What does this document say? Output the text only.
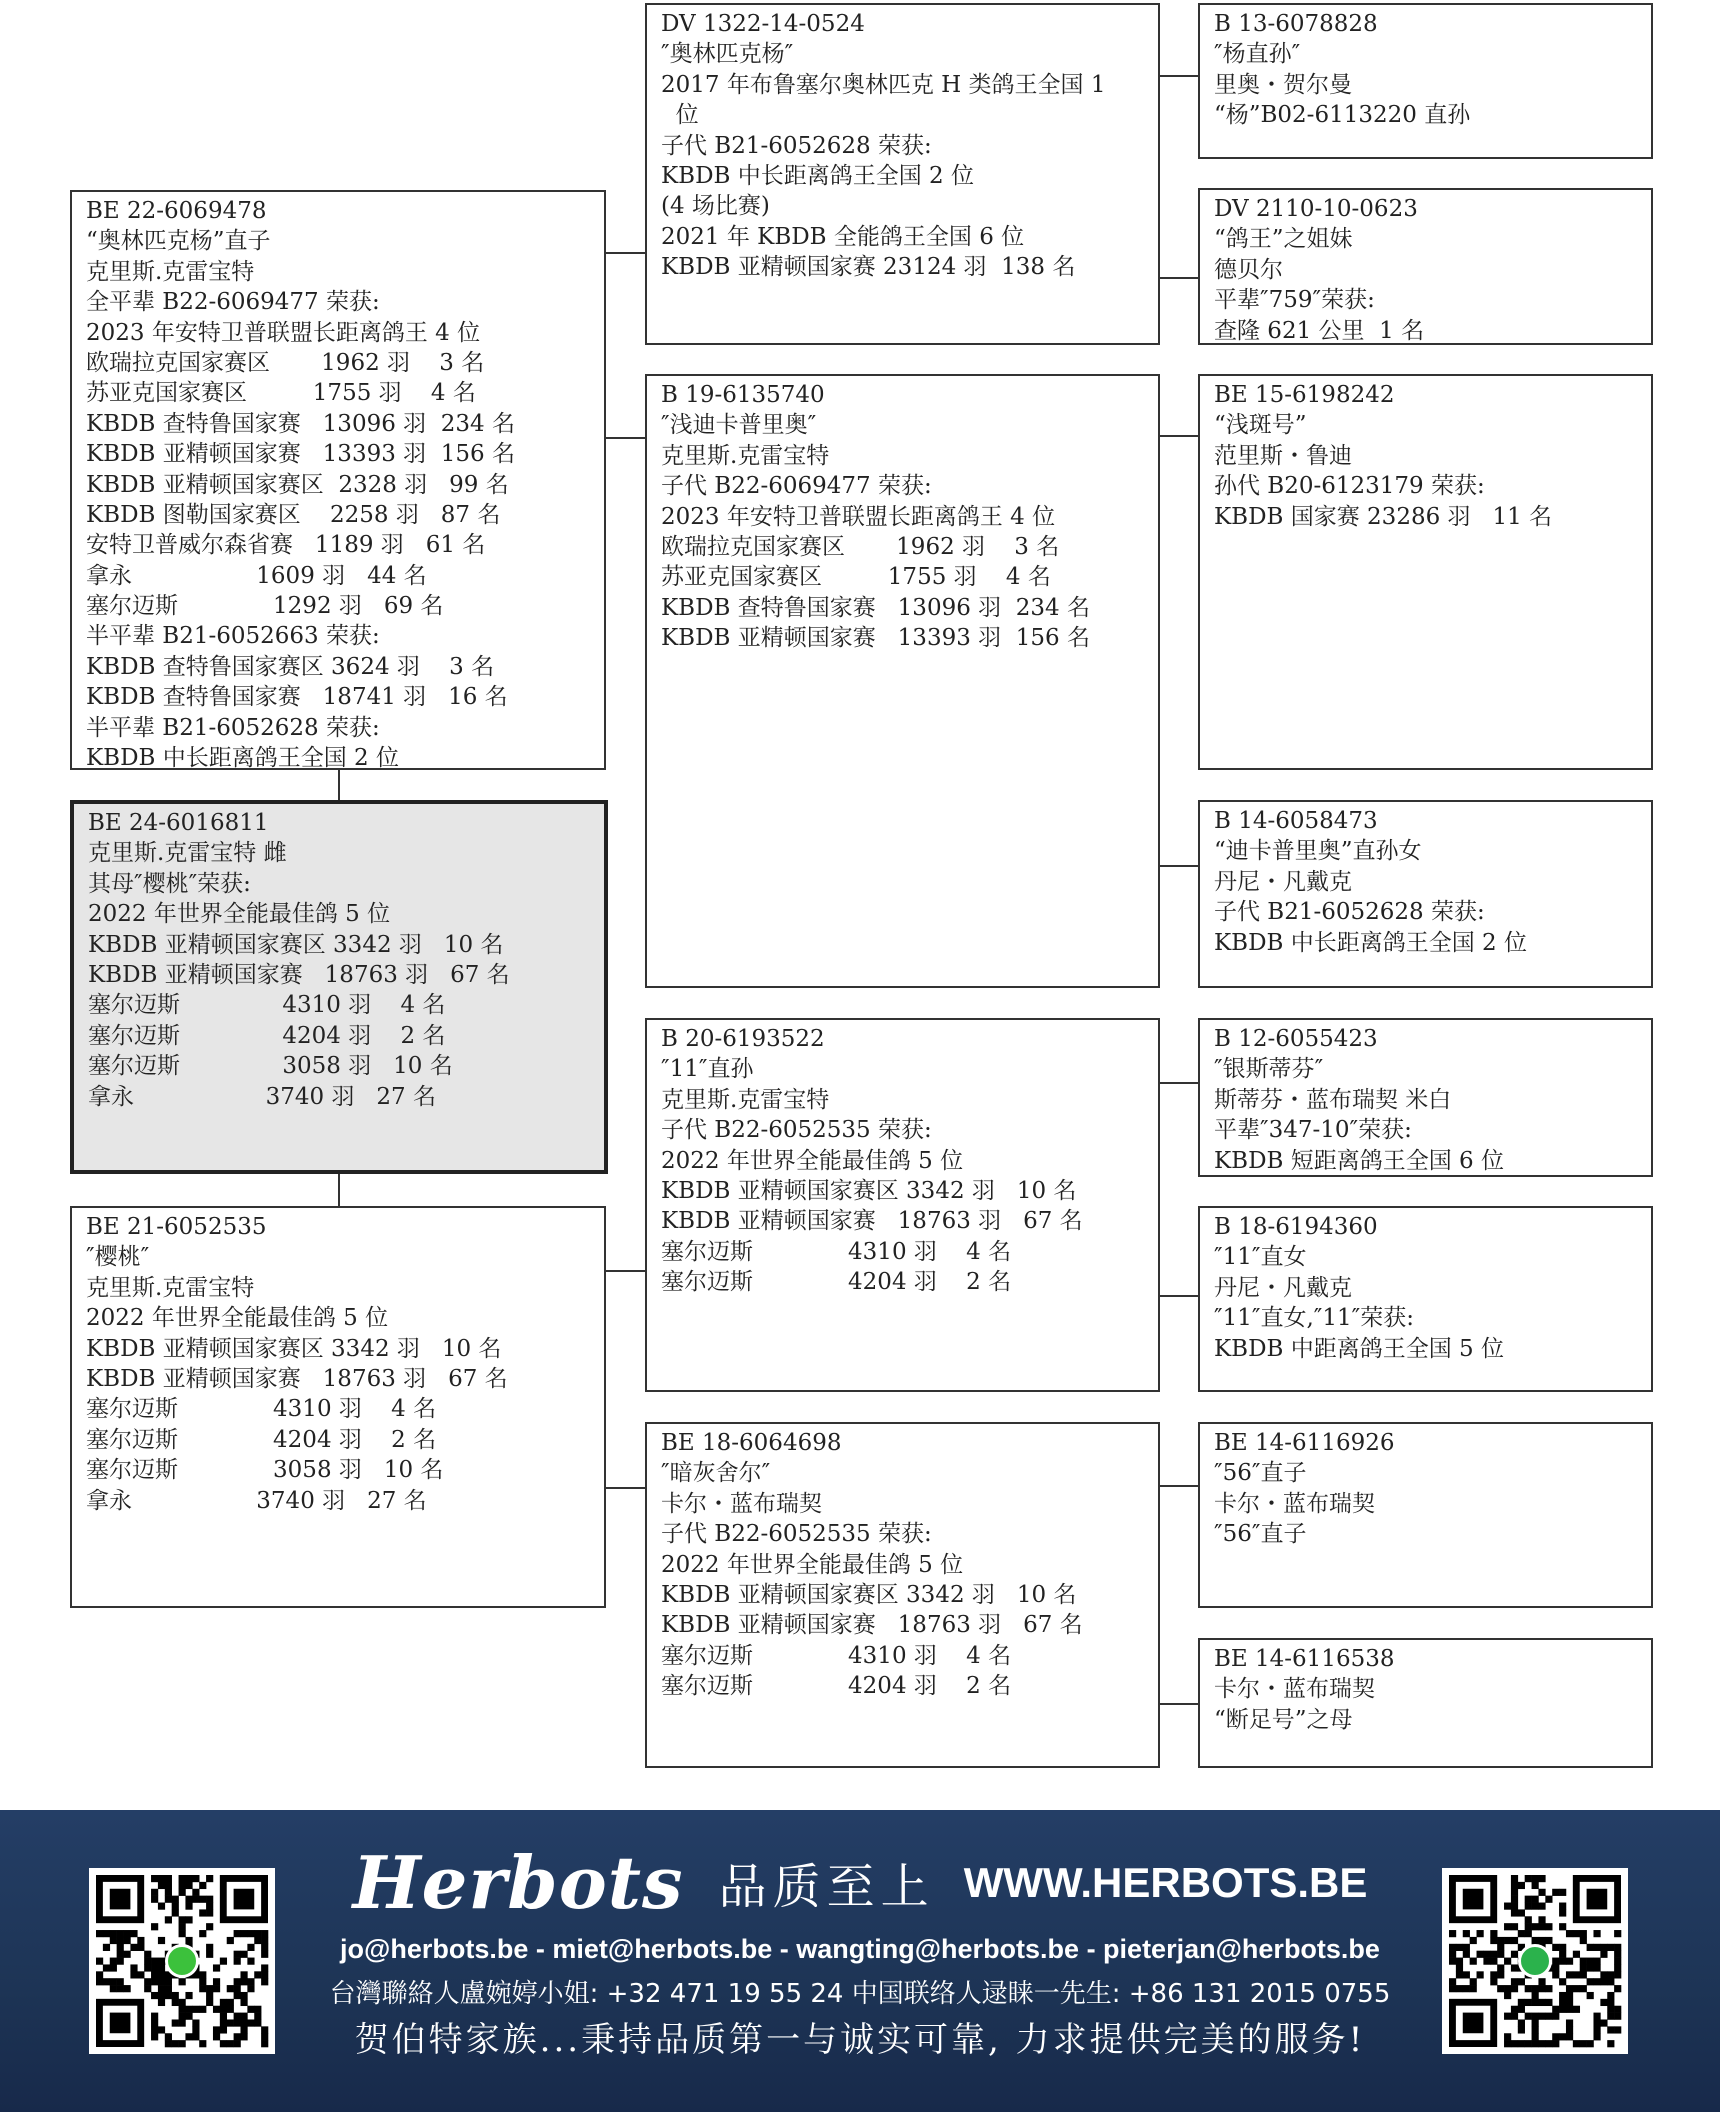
BE 22-6069478
“奥林匹克杨”直子
克里斯.克雷宝特
全平辈 B22-6069477 荣获:
2023 年安特卫普联盟长距离鸽王 4 位
欧瑞拉克国家赛区       1962 羽    3 名
苏亚克国家赛区         1755 羽    4 名
KBDB 查特鲁国家赛   13096 羽  234 名
KBDB 亚精顿国家赛   13393 羽  156 名
KBDB 亚精顿国家赛区  2328 羽   99 名
KBDB 图勒国家赛区    2258 羽   87 名
安特卫普威尔森省赛   1189 羽   61 名
拿永                 1609 羽   44 名
塞尔迈斯             1292 羽   69 名
半平辈 B21-6052663 荣获:
KBDB 查特鲁国家赛区 3624 羽    3 名
KBDB 查特鲁国家赛   18741 羽   16 名
半平辈 B21-6052628 荣获:
KBDB 中长距离鸽王全国 2 位
BE 24-6016811
克里斯.克雷宝特 雌
其母″樱桃″荣获:
2022 年世界全能最佳鸽 5 位
KBDB 亚精顿国家赛区 3342 羽   10 名
KBDB 亚精顿国家赛   18763 羽   67 名
塞尔迈斯              4310 羽    4 名
塞尔迈斯              4204 羽    2 名
塞尔迈斯              3058 羽   10 名
拿永                  3740 羽   27 名
BE 21-6052535
″樱桃″
克里斯.克雷宝特
2022 年世界全能最佳鸽 5 位
KBDB 亚精顿国家赛区 3342 羽   10 名
KBDB 亚精顿国家赛   18763 羽   67 名
塞尔迈斯             4310 羽    4 名
塞尔迈斯             4204 羽    2 名
塞尔迈斯             3058 羽   10 名
拿永                 3740 羽   27 名
DV 1322-14-0524
″奥林匹克杨″
2017 年布鲁塞尔奥林匹克 H 类鸽王全国 1
位
子代 B21-6052628 荣获:
KBDB 中长距离鸽王全国 2 位
(4 场比赛)
2021 年 KBDB 全能鸽王全国 6 位
KBDB 亚精顿国家赛 23124 羽  138 名
B 19-6135740
″浅迪卡普里奥″
克里斯.克雷宝特
子代 B22-6069477 荣获:
2023 年安特卫普联盟长距离鸽王 4 位
欧瑞拉克国家赛区       1962 羽    3 名
苏亚克国家赛区         1755 羽    4 名
KBDB 查特鲁国家赛   13096 羽  234 名
KBDB 亚精顿国家赛   13393 羽  156 名
B 20-6193522
″11″直孙
克里斯.克雷宝特
子代 B22-6052535 荣获:
2022 年世界全能最佳鸽 5 位
KBDB 亚精顿国家赛区 3342 羽   10 名
KBDB 亚精顿国家赛   18763 羽   67 名
塞尔迈斯             4310 羽    4 名
塞尔迈斯             4204 羽    2 名
BE 18-6064698
″暗灰舍尔″
卡尔・蓝布瑞契
子代 B22-6052535 荣获:
2022 年世界全能最佳鸽 5 位
KBDB 亚精顿国家赛区 3342 羽   10 名
KBDB 亚精顿国家赛   18763 羽   67 名
塞尔迈斯             4310 羽    4 名
塞尔迈斯             4204 羽    2 名
B 13-6078828
″杨直孙″
里奥・贺尔曼
“杨”B02-6113220 直孙
DV 2110-10-0623
“鸽王”之姐妹
德贝尔
平辈″759″荣获:
查隆 621 公里  1 名
BE 15-6198242
“浅斑号”
范里斯・鲁迪
孙代 B20-6123179 荣获:
KBDB 国家赛 23286 羽   11 名
B 14-6058473
“迪卡普里奥”直孙女
丹尼・凡戴克
子代 B21-6052628 荣获:
KBDB 中长距离鸽王全国 2 位
B 12-6055423
″银斯蒂芬″
斯蒂芬・蓝布瑞契 米白
平辈″347-10″荣获:
KBDB 短距离鸽王全国 6 位
B 18-6194360
″11″直女
丹尼・凡戴克
″11″直女,″11″荣获:
KBDB 中距离鸽王全国 5 位
BE 14-6116926
″56″直子
卡尔・蓝布瑞契
″56″直子
BE 14-6116538
卡尔・蓝布瑞契
“断足号”之母
Herbots 品质至上 WWW.HERBOTS.BE
jo@herbots.be - miet@herbots.be - wangting@herbots.be - pieterjan@herbots.be
台灣聯絡人盧婉婷小姐: +32 471 19 55 24 中国联络人逯睐一先生: +86 131 2015 0755
贺伯特家族...秉持品质第一与诚实可靠, 力求提供完美的服务!
